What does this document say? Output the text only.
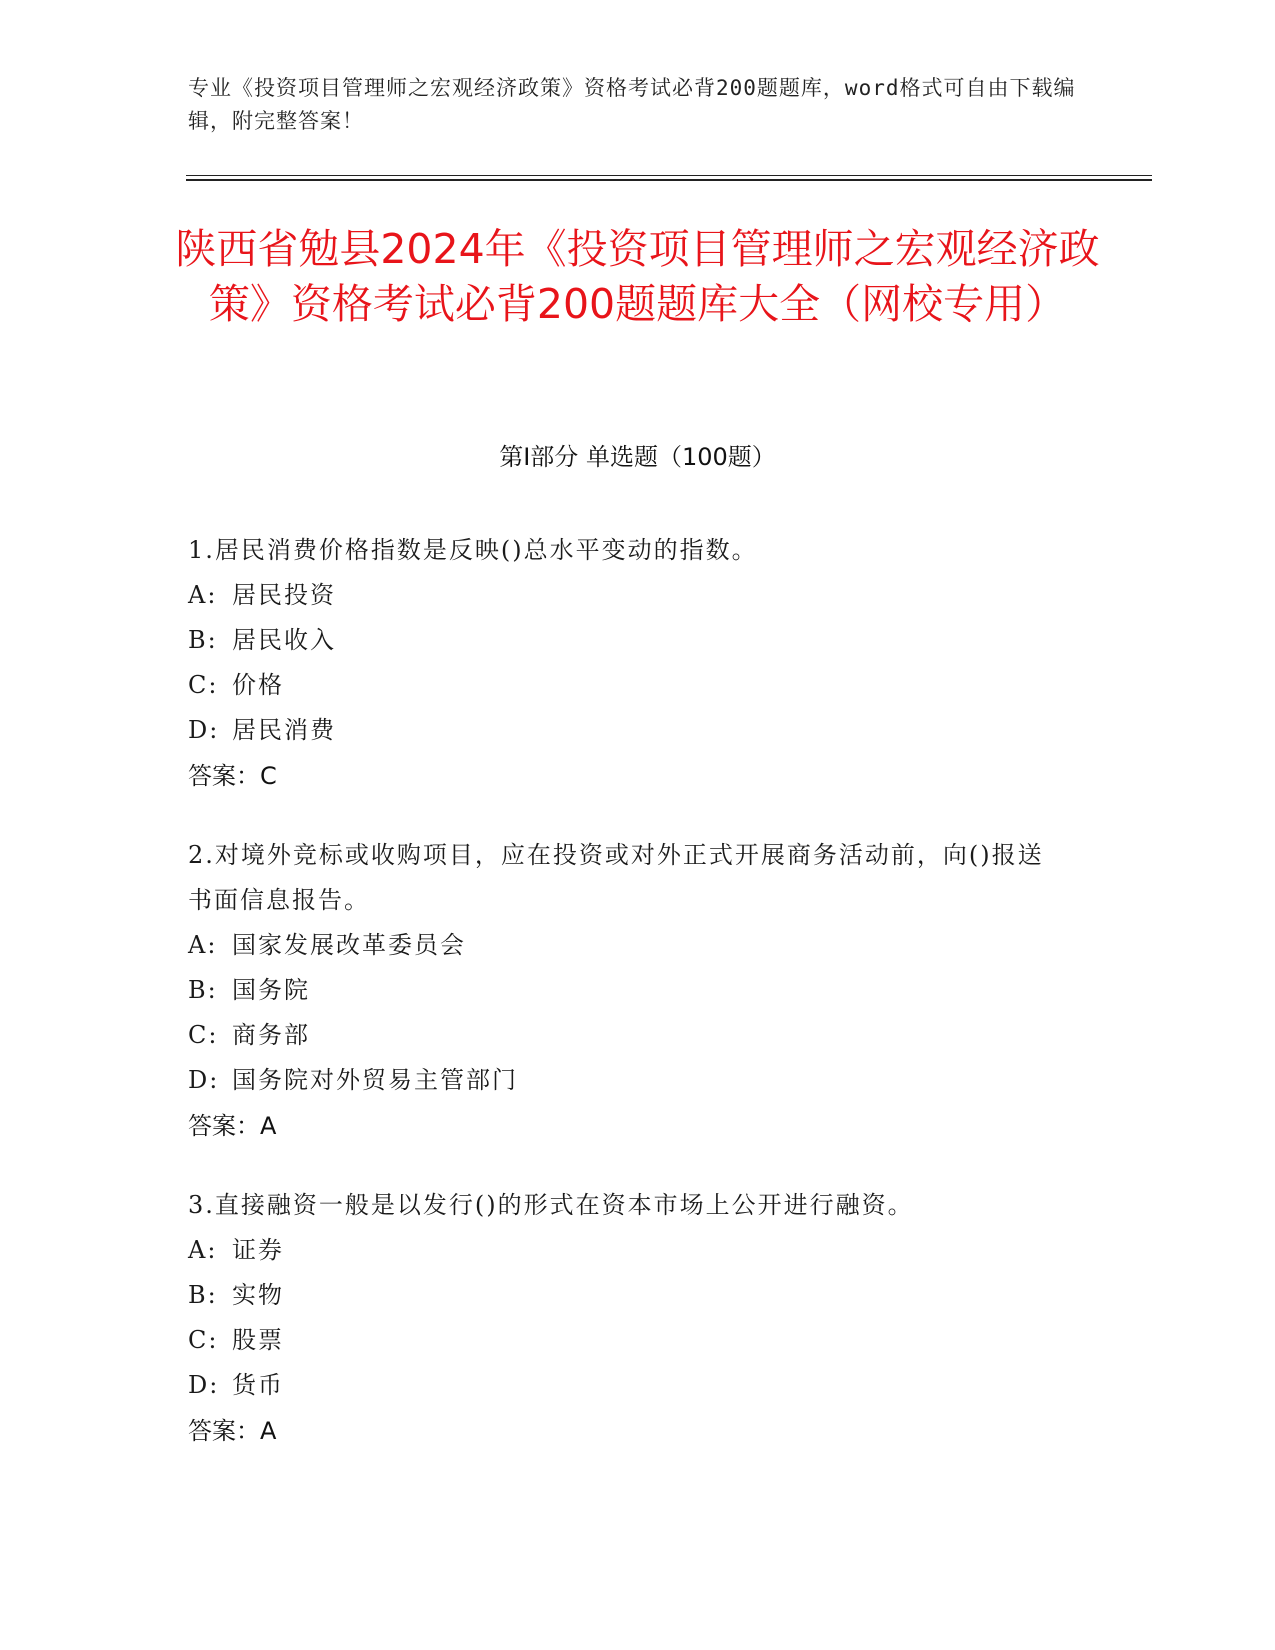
专业《投资项目管理师之宏观经济政策》资格考试必背200题题库，word格式可自由下载编辑，附完整答案！
陕西省勉县2024年《投资项目管理师之宏观经济政策》资格考试必背200题题库大全（网校专用）
第Ⅰ部分 单选题（100题）
1.居民消费价格指数是反映()总水平变动的指数。
A: 居民投资
B: 居民收入
C: 价格
D: 居民消费
答案：C
2.对境外竞标或收购项目，应在投资或对外正式开展商务活动前，向()报送书面信息报告。
A: 国家发展改革委员会
B: 国务院
C: 商务部
D: 国务院对外贸易主管部门
答案：A
3.直接融资一般是以发行()的形式在资本市场上公开进行融资。
A: 证券
B: 实物
C: 股票
D: 货币
答案：A
